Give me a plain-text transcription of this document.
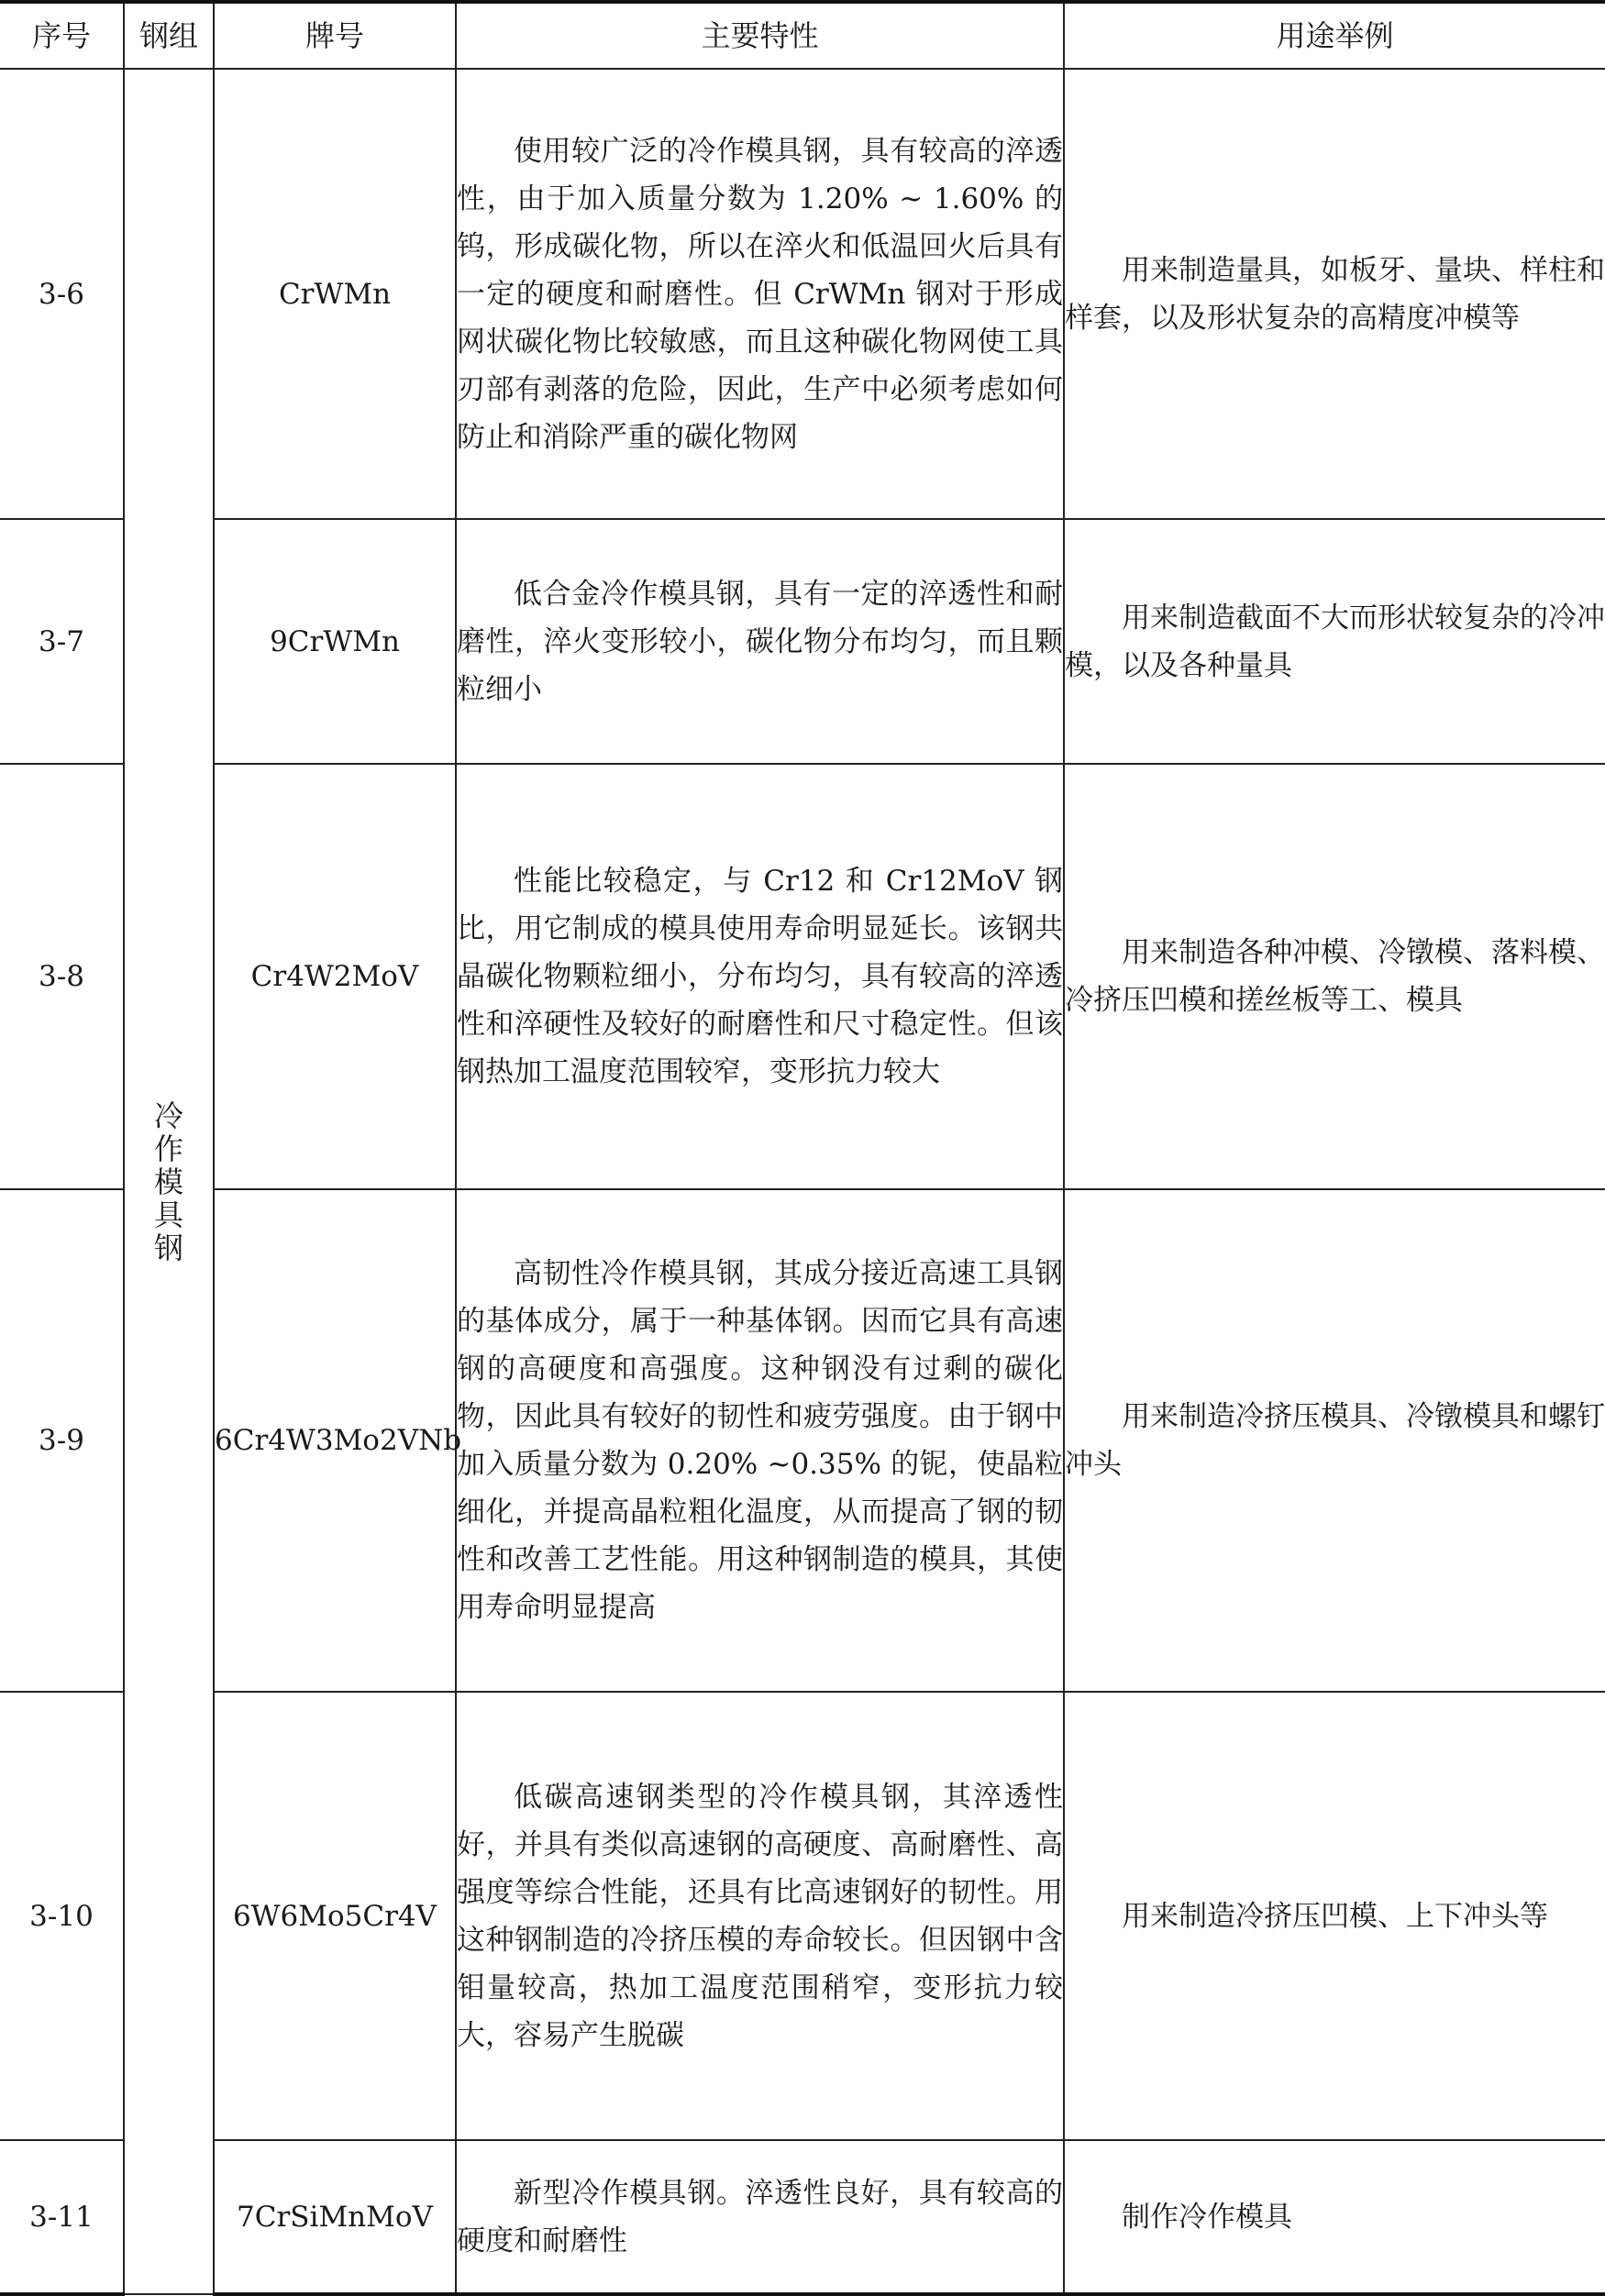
序号	钢组	牌号	主要特性	用途举例
3-6	冷作模具钢	CrWMn	使用较广泛的冷作模具钢，具有较高的淬透性，由于加入质量分数为 1.20% ~ 1.60% 的钨，形成碳化物，所以在淬火和低温回火后具有一定的硬度和耐磨性。但 CrWMn 钢对于形成网状碳化物比较敏感，而且这种碳化物网使工具刃部有剥落的危险，因此，生产中必须考虑如何防止和消除严重的碳化物网	用来制造量具，如板牙、量块、样柱和样套，以及形状复杂的高精度冲模等

3-7		9CrWMn	低合金冷作模具钢，具有一定的淬透性和耐磨性，淬火变形较小，碳化物分布均匀，而且颗粒细小	用来制造截面不大而形状较复杂的冷冲模，以及各种量具

3-8		Cr4W2MoV	性能比较稳定，与 Cr12 和 Cr12MoV 钢比，用它制成的模具使用寿命明显延长。该钢共晶碳化物颗粒细小，分布均匀，具有较高的淬透性和淬硬性及较好的耐磨性和尺寸稳定性。但该钢热加工温度范围较窄，变形抗力较大	用来制造各种冲模、冷镦模、落料模、冷挤压凹模和搓丝板等工、模具

3-9		6Cr4W3Mo2VNb	高韧性冷作模具钢，其成分接近高速工具钢的基体成分，属于一种基体钢。因而它具有高速钢的高硬度和高强度。这种钢没有过剩的碳化物，因此具有较好的韧性和疲劳强度。由于钢中加入质量分数为 0.20% ~0.35% 的铌，使晶粒细化，并提高晶粒粗化温度，从而提高了钢的韧性和改善工艺性能。用这种钢制造的模具，其使用寿命明显提高	用来制造冷挤压模具、冷镦模具和螺钉冲头

3-10		6W6Mo5Cr4V	低碳高速钢类型的冷作模具钢，其淬透性好，并具有类似高速钢的高硬度、高耐磨性、高强度等综合性能，还具有比高速钢好的韧性。用这种钢制造的冷挤压模的寿命较长。但因钢中含钼量较高，热加工温度范围稍窄，变形抗力较大，容易产生脱碳	用来制造冷挤压凹模、上下冲头等

3-11		7CrSiMnMoV	新型冷作模具钢。淬透性良好，具有较高的硬度和耐磨性	制作冷作模具
